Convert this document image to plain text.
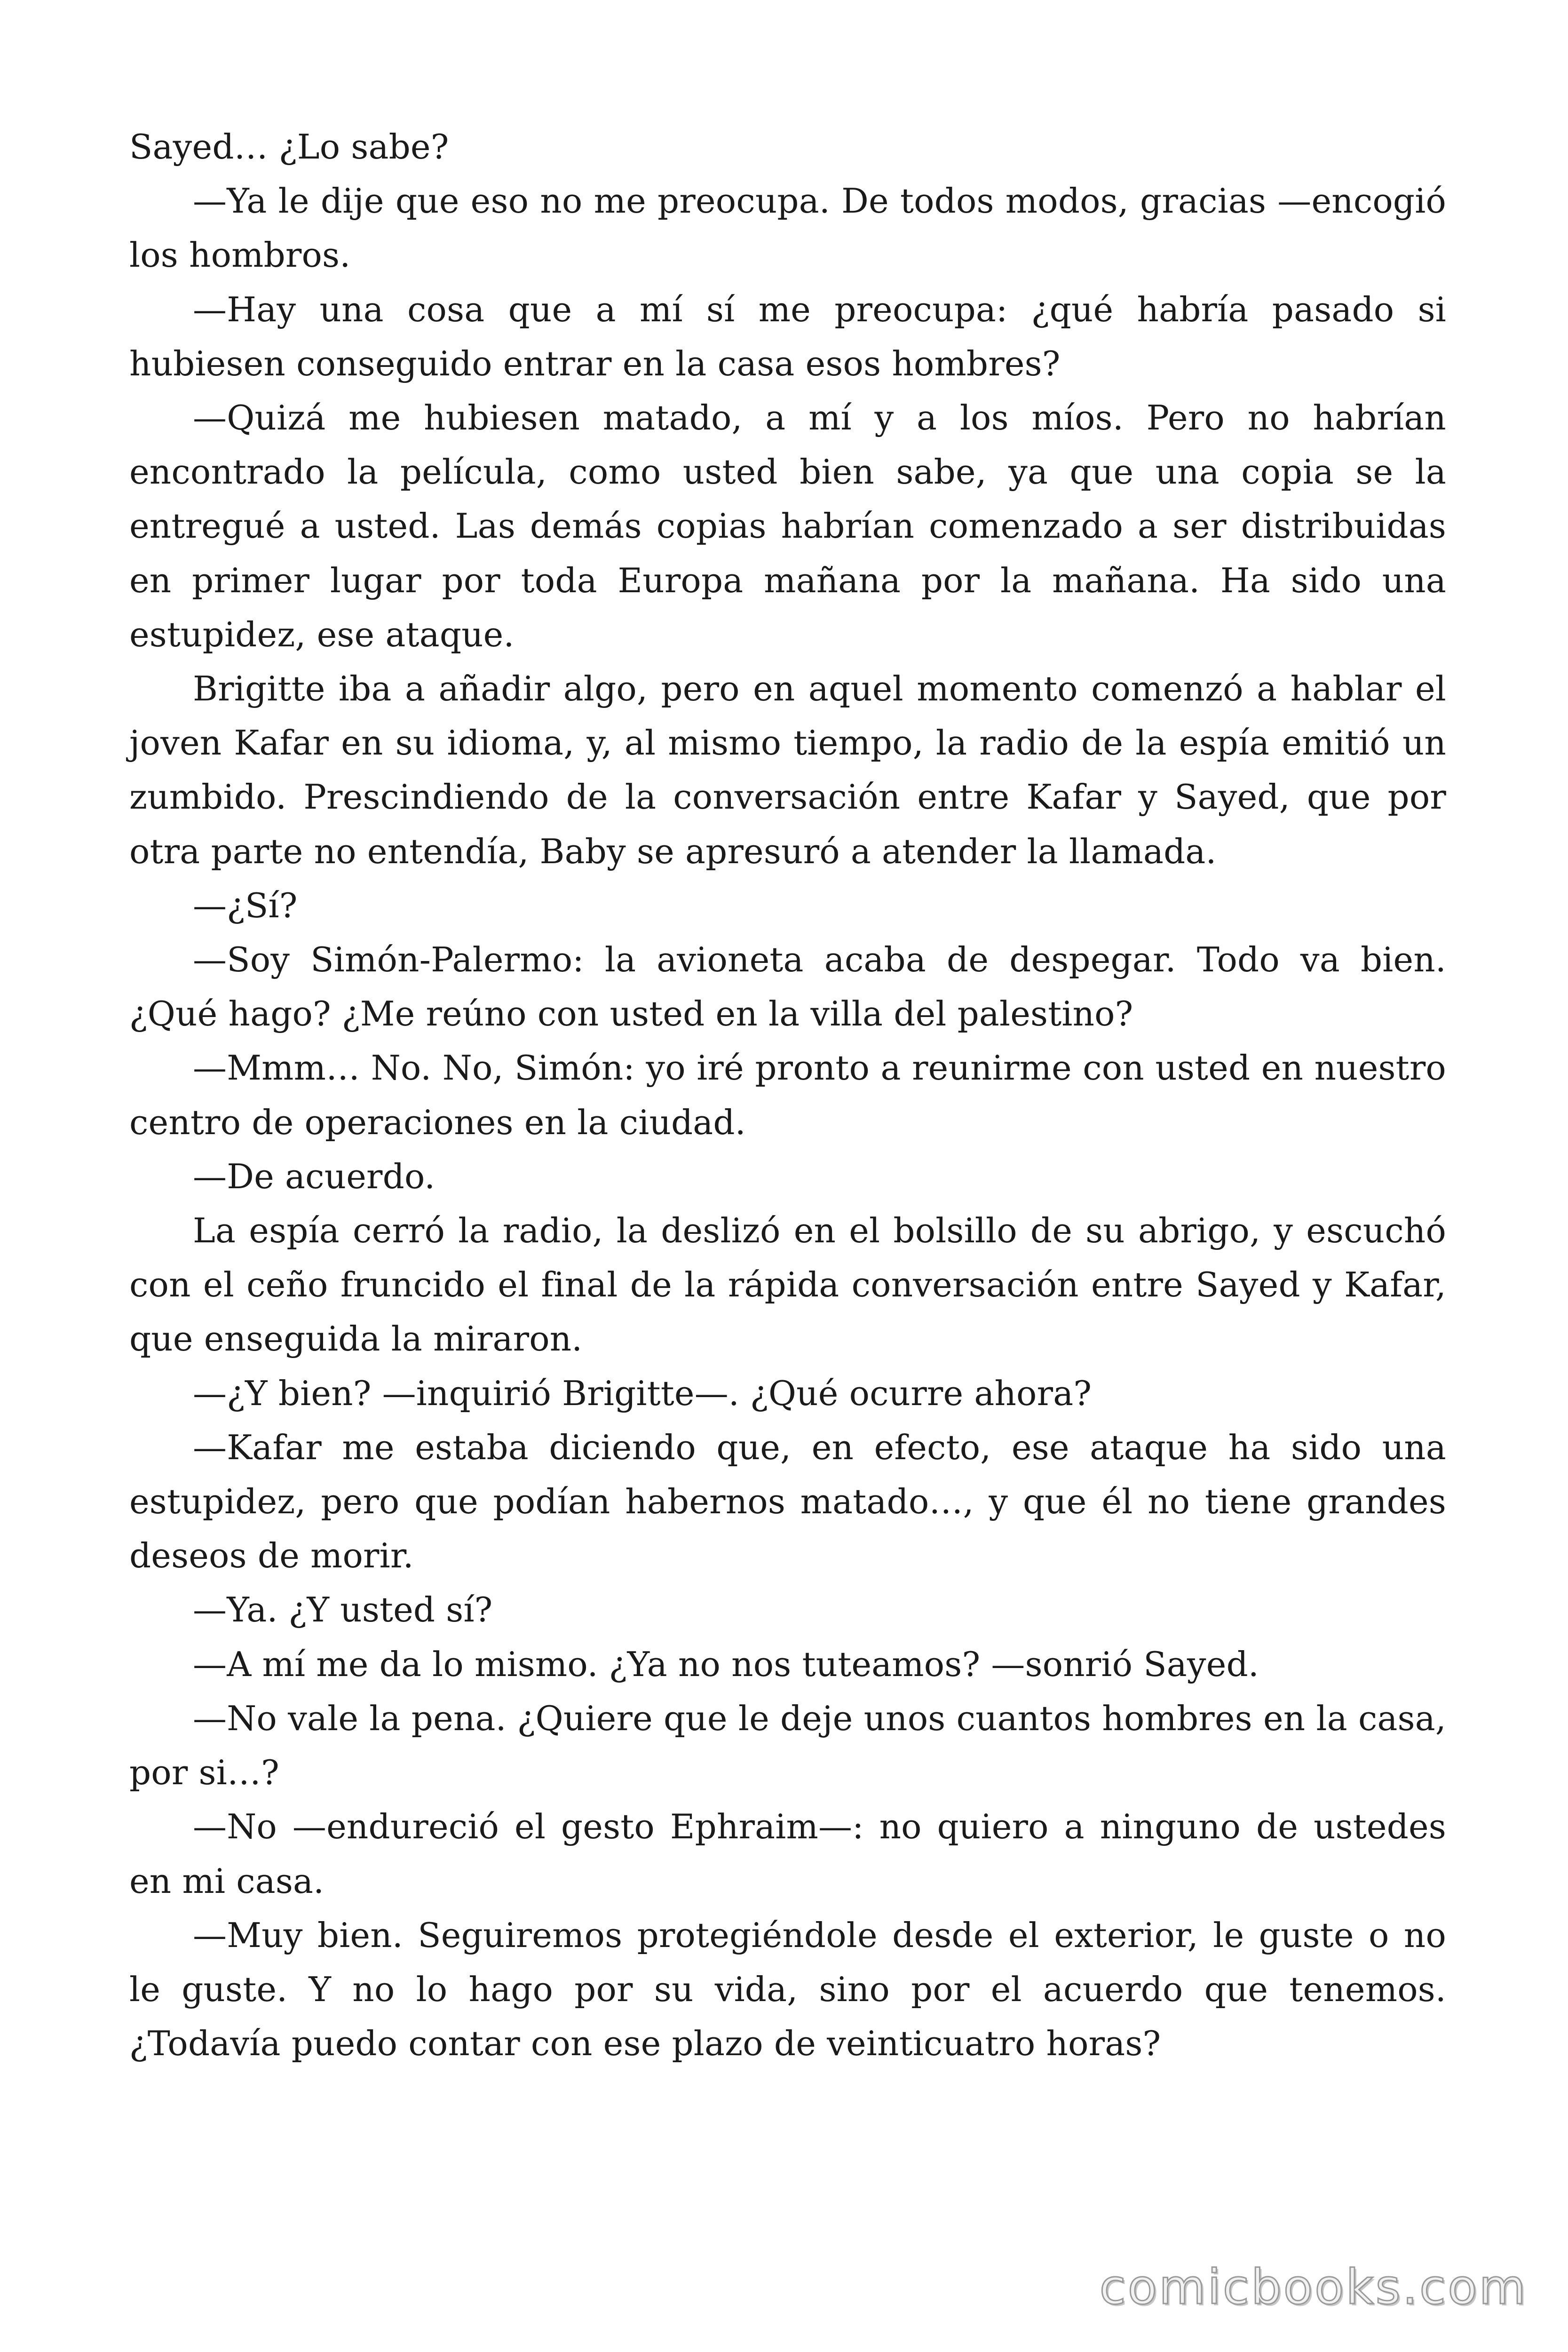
Sayed… ¿Lo sabe?

—Ya le dije que eso no me preocupa. De todos modos, gracias —encogió los hombros.

—Hay una cosa que a mí sí me preocupa: ¿qué habría pasado si hubiesen conseguido entrar en la casa esos hombres?

—Quizá me hubiesen matado, a mí y a los míos. Pero no habrían encontrado la película, como usted bien sabe, ya que una copia se la entregué a usted. Las demás copias habrían comenzado a ser distribuidas en primer lugar por toda Europa mañana por la mañana. Ha sido una estupidez, ese ataque.

Brigitte iba a añadir algo, pero en aquel momento comenzó a hablar el joven Kafar en su idioma, y, al mismo tiempo, la radio de la espía emitió un zumbido. Prescindiendo de la conversación entre Kafar y Sayed, que por otra parte no entendía, Baby se apresuró a atender la llamada.

—¿Sí?

—Soy Simón-Palermo: la avioneta acaba de despegar. Todo va bien. ¿Qué hago? ¿Me reúno con usted en la villa del palestino?

—Mmm… No. No, Simón: yo iré pronto a reunirme con usted en nuestro centro de operaciones en la ciudad.

—De acuerdo.

La espía cerró la radio, la deslizó en el bolsillo de su abrigo, y escuchó con el ceño fruncido el final de la rápida conversación entre Sayed y Kafar, que enseguida la miraron.

—¿Y bien? —inquirió Brigitte—. ¿Qué ocurre ahora?

—Kafar me estaba diciendo que, en efecto, ese ataque ha sido una estupidez, pero que podían habernos matado…, y que él no tiene grandes deseos de morir.

—Ya. ¿Y usted sí?

—A mí me da lo mismo. ¿Ya no nos tuteamos? —sonrió Sayed.

—No vale la pena. ¿Quiere que le deje unos cuantos hombres en la casa, por si…?

—No —endureció el gesto Ephraim—: no quiero a ninguno de ustedes en mi casa.

—Muy bien. Seguiremos protegiéndole desde el exterior, le guste o no le guste. Y no lo hago por su vida, sino por el acuerdo que tenemos. ¿Todavía puedo contar con ese plazo de veinticuatro horas?

comicbooks.com
